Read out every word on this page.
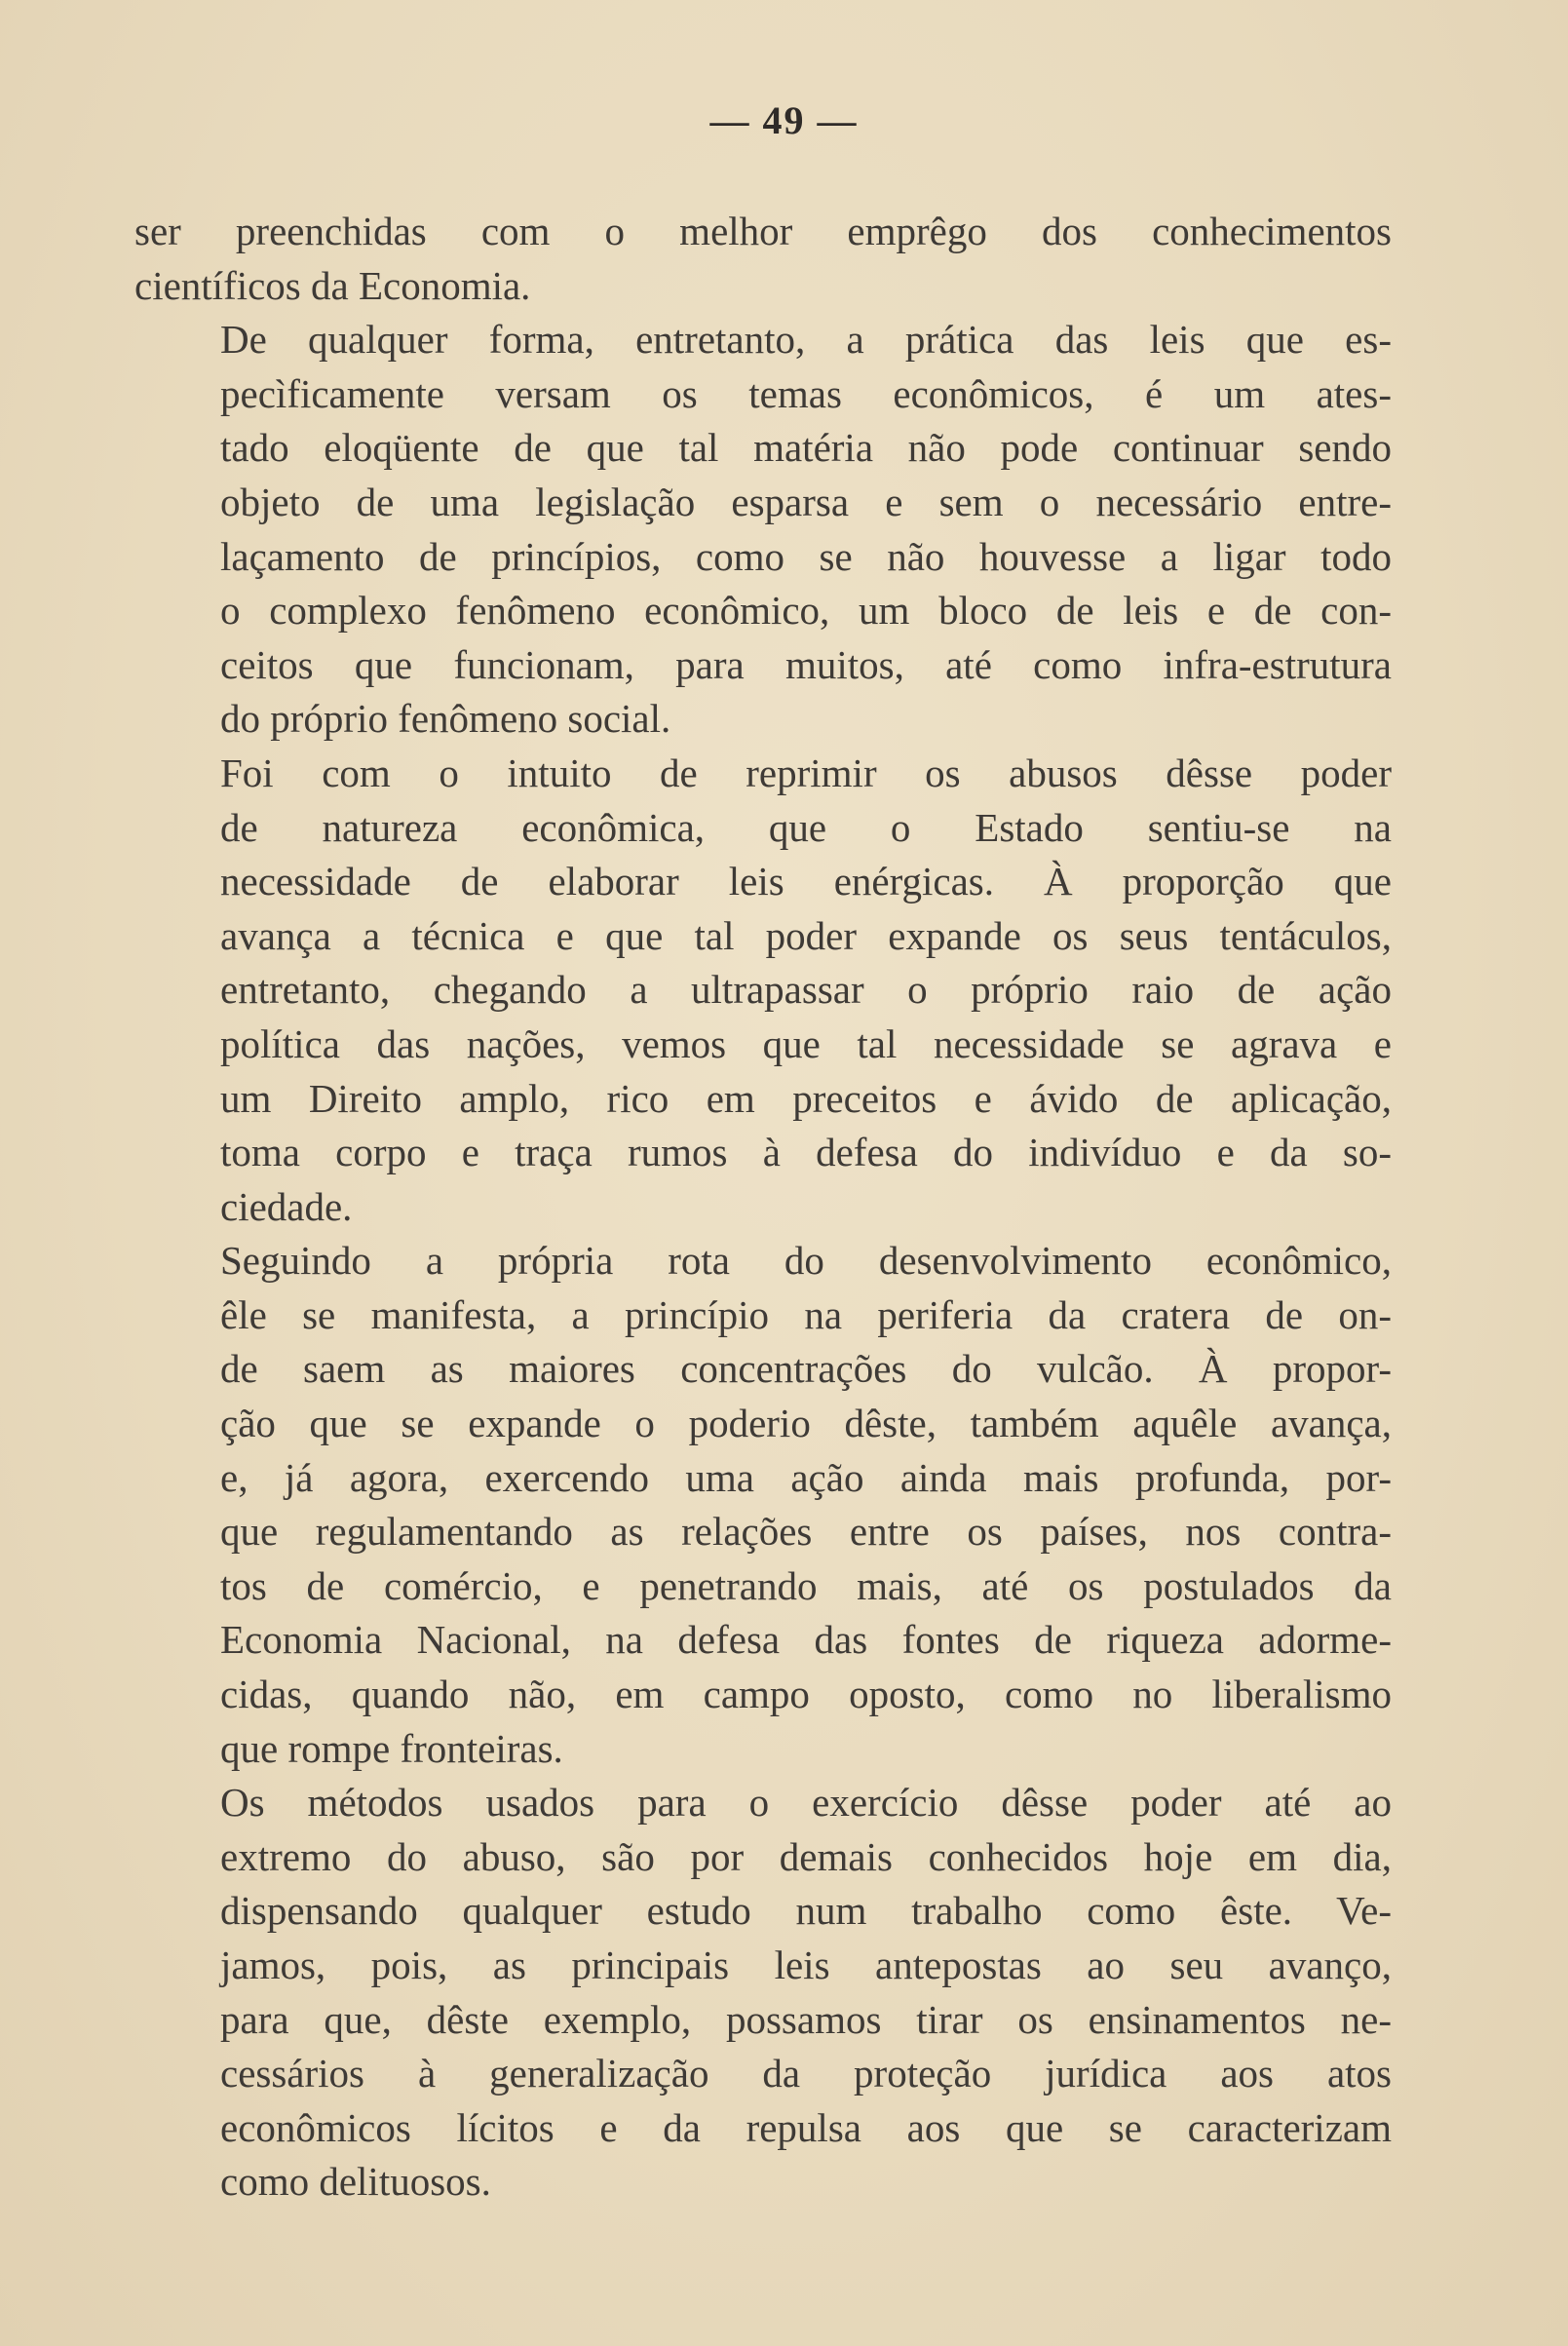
— 49 —

ser preenchidas com o melhor emprêgo dos conhecimentos
científicos da Economia.

De qualquer forma, entretanto, a prática das leis que es-
pecìficamente versam os temas econômicos, é um ates-
tado eloqüente de que tal matéria não pode continuar sendo
objeto de uma legislação esparsa e sem o necessário entre-
laçamento de princípios, como se não houvesse a ligar todo
o complexo fenômeno econômico, um bloco de leis e de con-
ceitos que funcionam, para muitos, até como infra-estrutura
do próprio fenômeno social.

Foi com o intuito de reprimir os abusos dêsse poder
de natureza econômica, que o Estado sentiu-se na
necessidade de elaborar leis enérgicas. À proporção que
avança a técnica e que tal poder expande os seus tentáculos,
entretanto, chegando a ultrapassar o próprio raio de ação
política das nações, vemos que tal necessidade se agrava e
um Direito amplo, rico em preceitos e ávido de aplicação,
toma corpo e traça rumos à defesa do indivíduo e da so-
ciedade.

Seguindo a própria rota do desenvolvimento econômico,
êle se manifesta, a princípio na periferia da cratera de on-
de saem as maiores concentrações do vulcão. À propor-
ção que se expande o poderio dêste, também aquêle avança,
e, já agora, exercendo uma ação ainda mais profunda, por-
que regulamentando as relações entre os países, nos contra-
tos de comércio, e penetrando mais, até os postulados da
Economia Nacional, na defesa das fontes de riqueza adorme-
cidas, quando não, em campo oposto, como no liberalismo
que rompe fronteiras.

Os métodos usados para o exercício dêsse poder até ao
extremo do abuso, são por demais conhecidos hoje em dia,
dispensando qualquer estudo num trabalho como êste. Ve-
jamos, pois, as principais leis antepostas ao seu avanço,
para que, dêste exemplo, possamos tirar os ensinamentos ne-
cessários à generalização da proteção jurídica aos atos
econômicos lícitos e da repulsa aos que se caracterizam
como delituosos.
